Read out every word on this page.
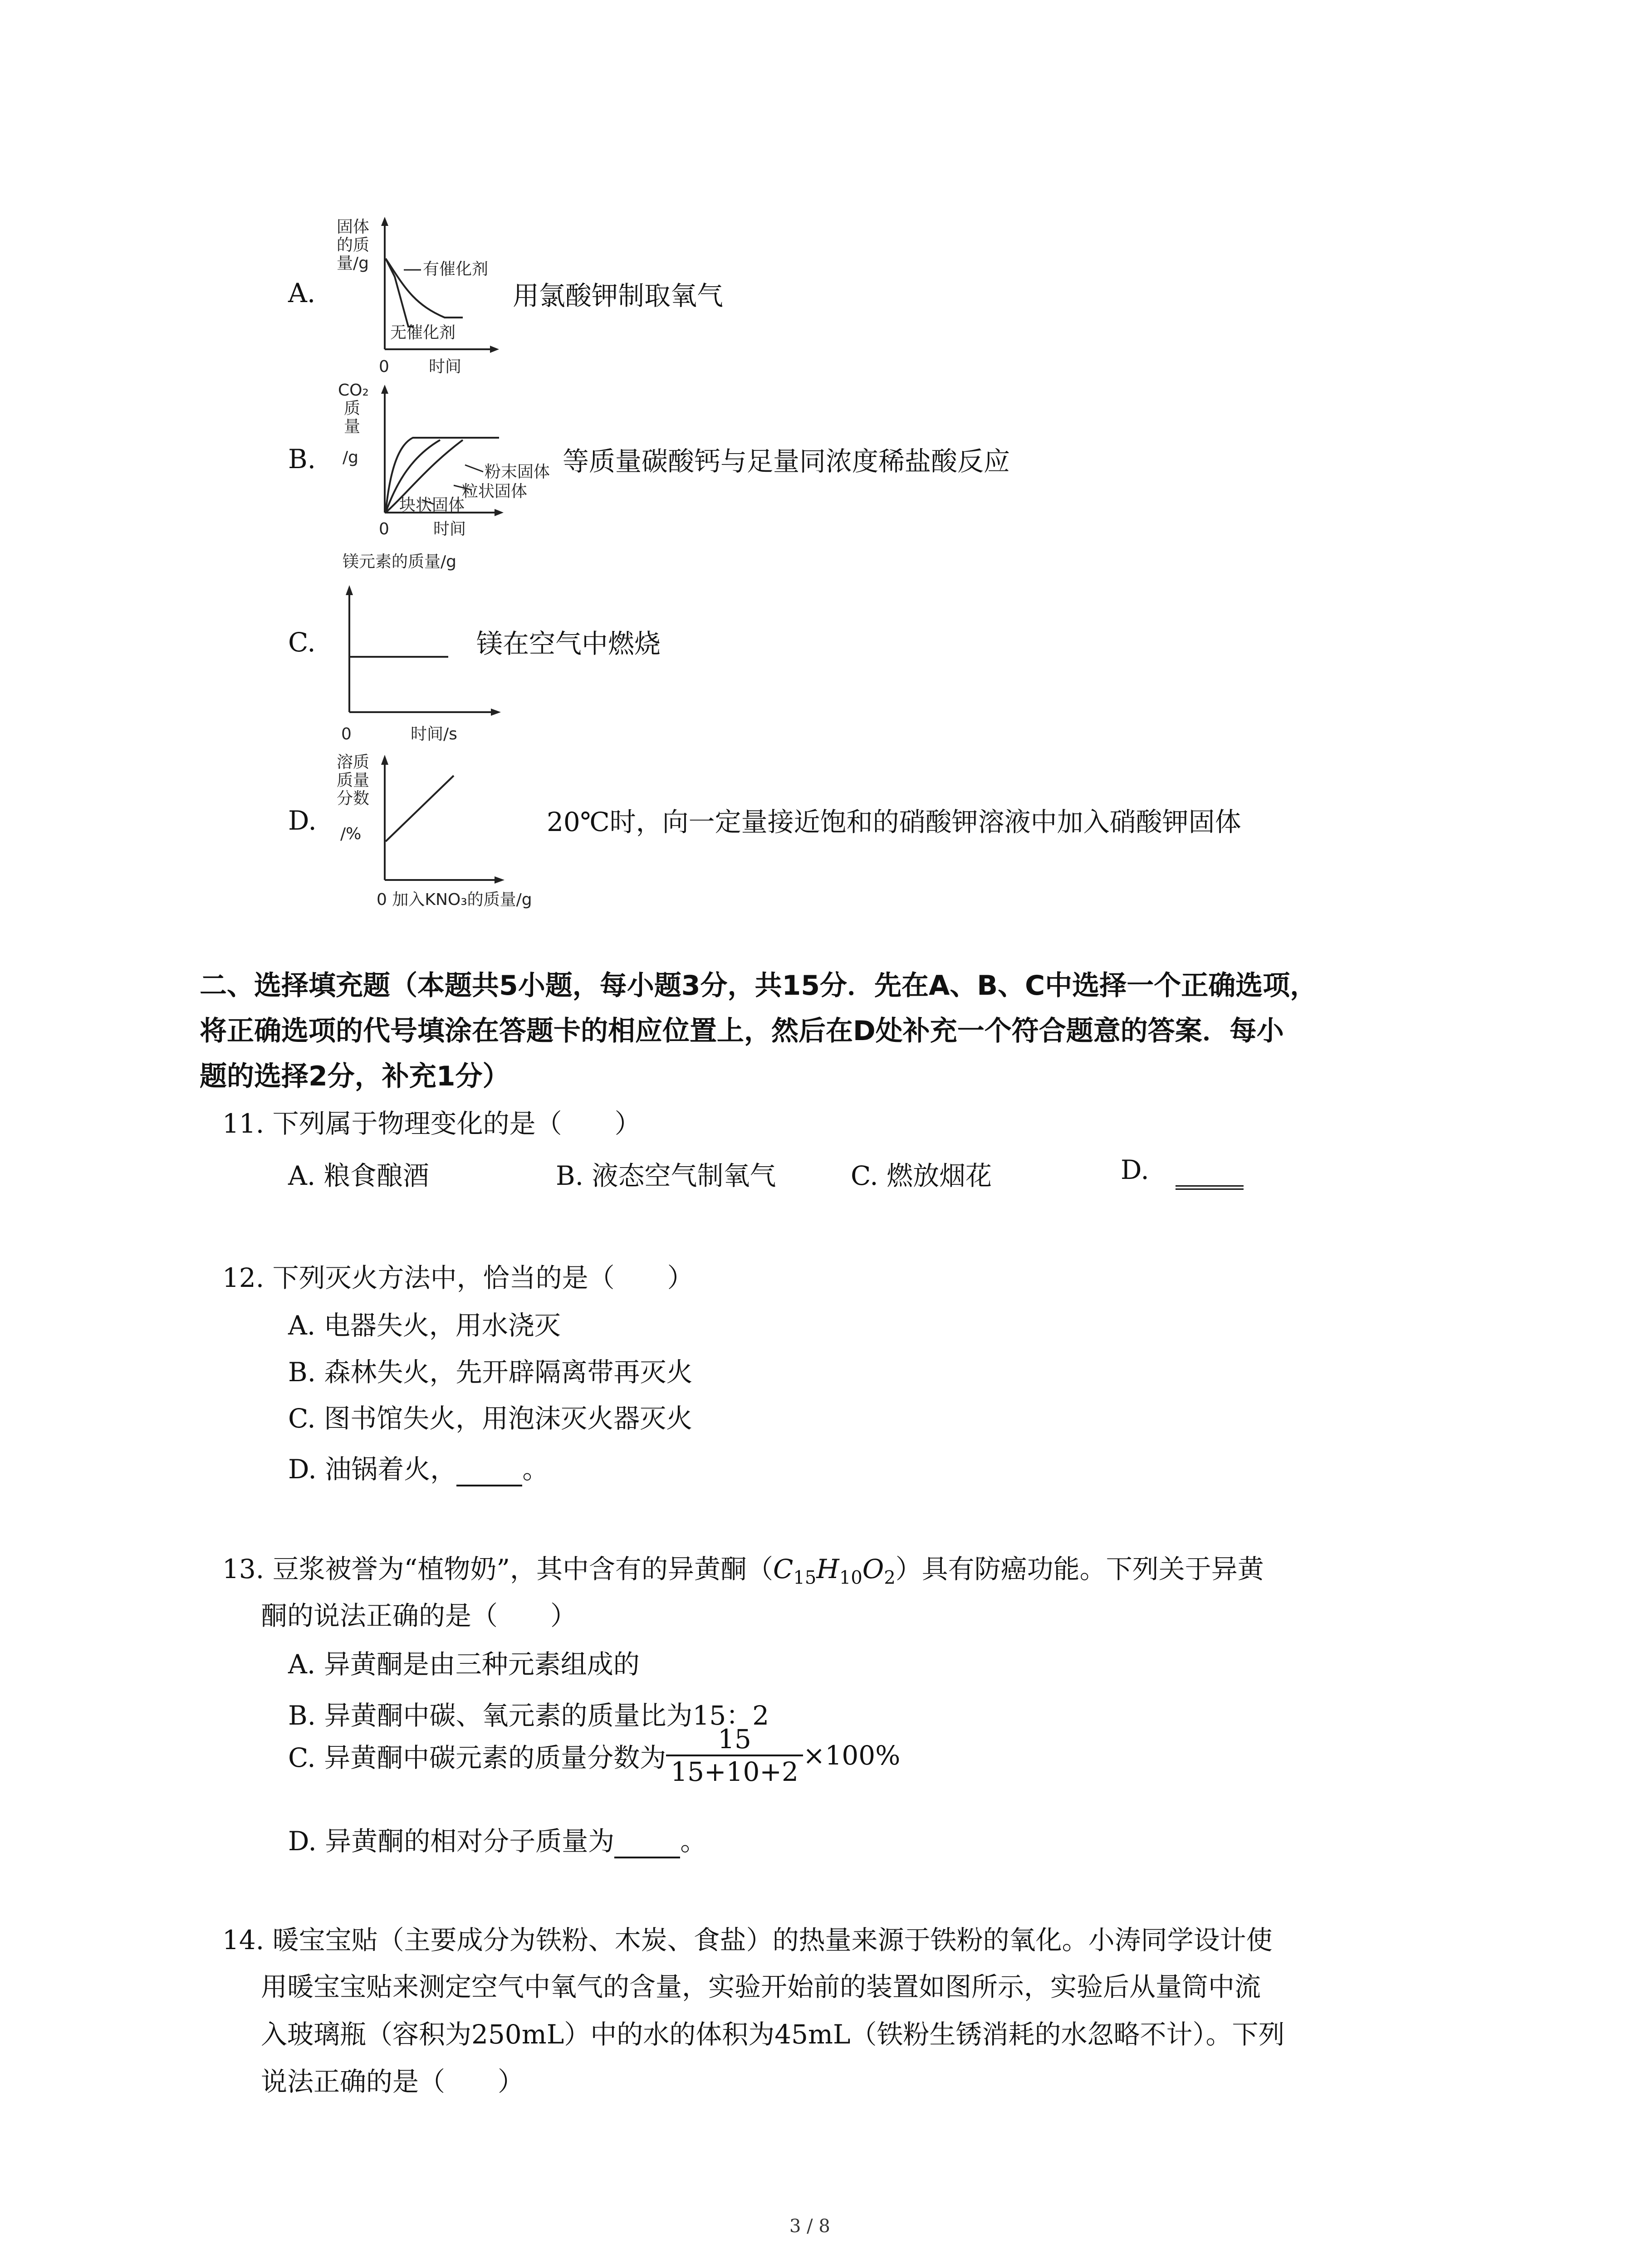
A.
固体
的质
量/g	有催化剂
无催化剂
0 时间
用氯酸钾制取氧气
B.
CO₂
质
量
/g
粉末固体
粒状固体
块状固体
0	时间
等质量碳酸钙与足量同浓度稀盐酸反应
C.
镁元素的质量/g
0	时间/s
镁在空气中燃烧
D.
溶质
质量
分数
/%
0 加入KNO₃的质量/g
20℃时，向一定量接近饱和的硝酸钾溶液中加入硝酸钾固体
二、选择填充题（本题共5小题，每小题3分，共15分．先在A、B、C中选择一个正确选项，
将正确选项的代号填涂在答题卡的相应位置上，然后在D处补充一个符合题意的答案．每小
题的选择2分，补充1分）
11. 下列属于物理变化的是（　　）
A. 粮食酿酒	B. 液态空气制氧气	C. 燃放烟花	D.
12. 下列灭火方法中，恰当的是（　　）
A. 电器失火，用水浇灭
B. 森林失火，先开辟隔离带再灭火
C. 图书馆失火，用泡沫灭火器灭火
D. 油锅着火，	。
13. 豆浆被誉为“植物奶”，其中含有的异黄酮$(C_{15}H_{10}O_2)$具有防癌功能。下列关于异黄
酮的说法正确的是（　　）
A. 异黄酮是由三种元素组成的
B. 异黄酮中碳、氧元素的质量比为15：2
C. 异黄酮中碳元素的质量分数为 $\frac{15}{15+10+2} \times 100\%$
D. 异黄酮的相对分子质量为	。
14. 暖宝宝贴（主要成分为铁粉、木炭、食盐）的热量来源于铁粉的氧化。小涛同学设计使
用暖宝宝贴来测定空气中氧气的含量，实验开始前的装置如图所示，实验后从量筒中流
入玻璃瓶（容积为250mL）中的水的体积为45mL（铁粉生锈消耗的水忽略不计）。下列
说法正确的是（　　）
3 / 8
